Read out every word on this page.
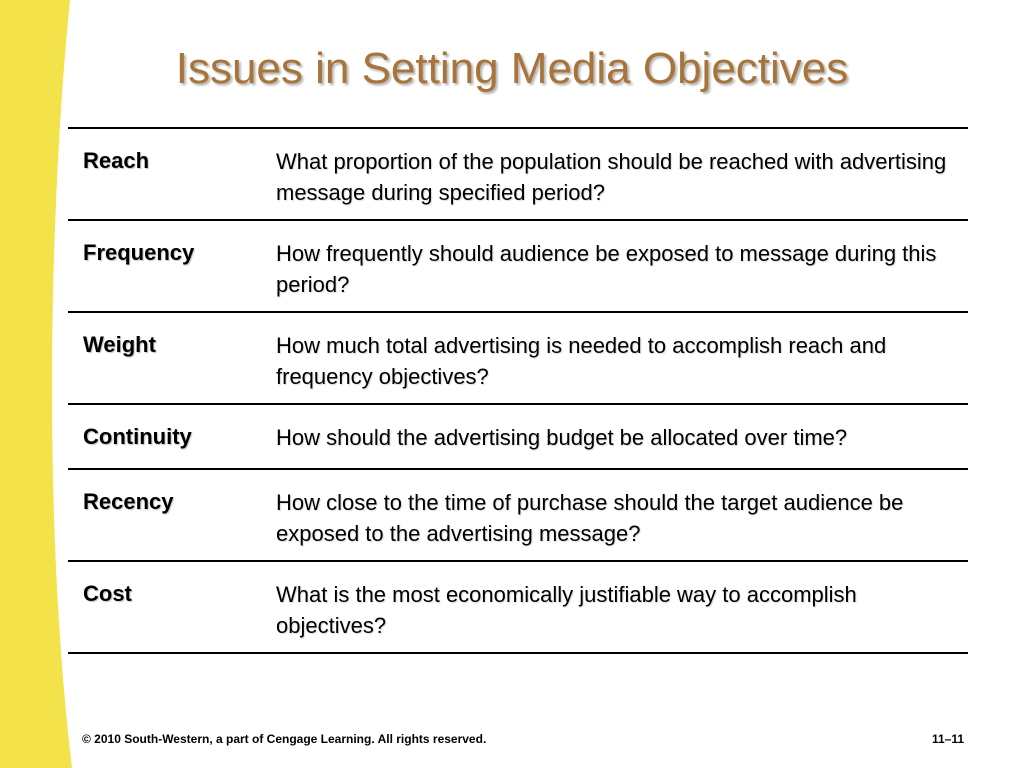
Issues in Setting Media Objectives
Reach	What proportion of the population should be reached with advertising message during specified period?
Frequency	How frequently should audience be exposed to message during this period?
Weight	How much total advertising is needed to accomplish reach and frequency objectives?
Continuity	How should the advertising budget be allocated over time?
Recency	How close to the time of purchase should the target audience be exposed to the advertising message?
Cost	What is the most economically justifiable way to accomplish objectives?
© 2010 South-Western, a part of Cengage Learning. All rights reserved.	11–11
